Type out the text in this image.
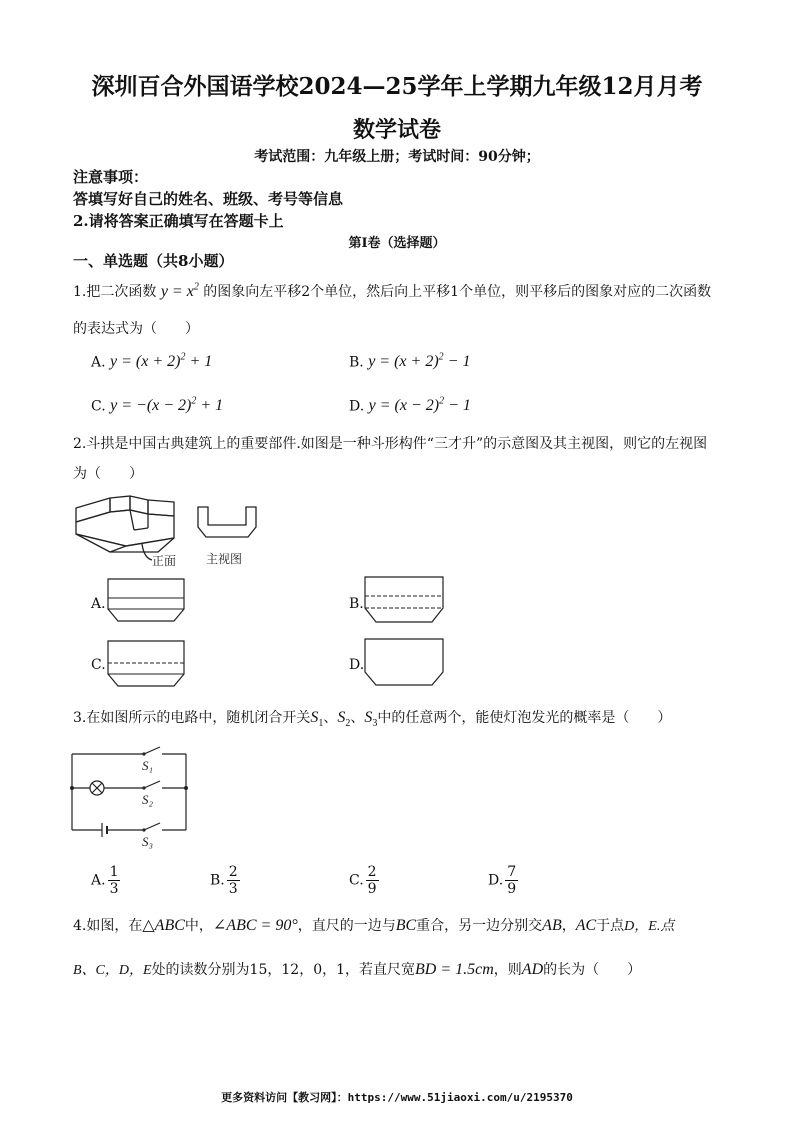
深圳百合外国语学校2024—25学年上学期九年级12月月考
数学试卷
考试范围：九年级上册；考试时间：90分钟；
注意事项：
答填写好自己的姓名、班级、考号等信息
2.请将答案正确填写在答题卡上
第I卷（选择题）
一、单选题（共8小题）
1.把二次函数 $y = x^2$ 的图象向左平移2个单位，然后向上平移1个单位，则平移后的图象对应的二次函数
的表达式为（　　）
A. $y = (x + 2)^2 + 1$	B. $y = (x + 2)^2 - 1$
C. $y = -(x - 2)^2 + 1$	D. $y = (x - 2)^2 - 1$
2.斗拱是中国古典建筑上的重要部件.如图是一种斗形构件“三才升”的示意图及其主视图，则它的左视图
为（　　）
正面 主视图
A.	B.
C.	D.
3.在如图所示的电路中，随机闭合开关$S_1$、$S_2$、$S_3$中的任意两个，能使灯泡发光的概率是（　　）
S₁
S₂
S₃
A. $\frac{1}{3}$	B. $\frac{2}{3}$	C. $\frac{2}{9}$	D. $\frac{7}{9}$
4.如图，在△ABC中，∠ABC = 90°，直尺的一边与BC重合，另一边分别交AB，AC于点D，E.点
B、C，D，E处的读数分别为15，12，0，1，若直尺宽BD = 1.5cm，则AD的长为（　　）
更多资料访问【教习网】：https://www.51jiaoxi.com/u/2195370
